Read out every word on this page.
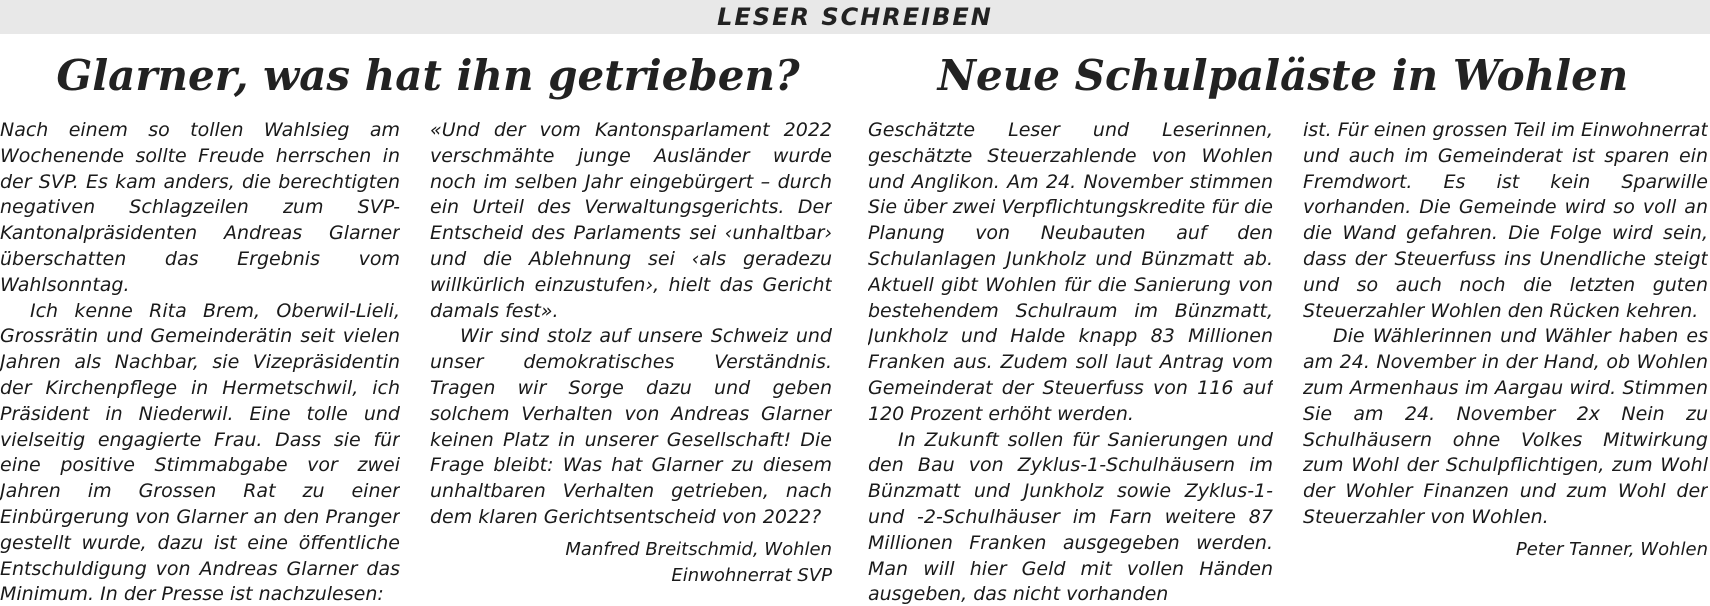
LESER SCHREIBEN
Glarner, was hat ihn getrieben?	Neue Schulpaläste in Wohlen

Nach einem so tollen Wahlsieg am Wochenende sollte Freude herrschen in der SVP. Es kam anders, die berechtigten negativen Schlagzeilen zum SVP-Kantonalpräsidenten Andreas Glarner überschatten das Ergebnis vom Wahlsonntag.

Ich kenne Rita Brem, Oberwil-Lieli, Grossrätin und Gemeinderätin seit vielen Jahren als Nachbar, sie Vizepräsidentin der Kirchenpflege in Hermetschwil, ich Präsident in Niederwil. Eine tolle und vielseitig engagierte Frau. Dass sie für eine positive Stimmabgabe vor zwei Jahren im Grossen Rat zu einer Einbürgerung von Glarner an den Pranger gestellt wurde, dazu ist eine öffentliche Entschuldigung von Andreas Glarner das Minimum. In der Presse ist nachzulesen:

«Und der vom Kantonsparlament 2022 verschmähte junge Ausländer wurde noch im selben Jahr eingebürgert – durch ein Urteil des Verwaltungsgerichts. Der Entscheid des Parlaments sei ‹unhaltbar› und die Ablehnung sei ‹als geradezu willkürlich einzustufen›, hielt das Gericht damals fest».

Wir sind stolz auf unsere Schweiz und unser demokratisches Verständnis. Tragen wir Sorge dazu und geben solchem Verhalten von Andreas Glarner keinen Platz in unserer Gesellschaft! Die Frage bleibt: Was hat Glarner zu diesem unhaltbaren Verhalten getrieben, nach dem klaren Gerichtsentscheid von 2022?

Manfred Breitschmid, Wohlen
Einwohnerrat SVP

Geschätzte Leser und Leserinnen, geschätzte Steuerzahlende von Wohlen und Anglikon. Am 24. November stimmen Sie über zwei Verpflichtungskredite für die Planung von Neubauten auf den Schulanlagen Junkholz und Bünzmatt ab. Aktuell gibt Wohlen für die Sanierung von bestehendem Schulraum im Bünzmatt, Junkholz und Halde knapp 83 Millionen Franken aus. Zudem soll laut Antrag vom Gemeinderat der Steuerfuss von 116 auf 120 Prozent erhöht werden.

In Zukunft sollen für Sanierungen und den Bau von Zyklus-1-Schulhäusern im Bünzmatt und Junkholz sowie Zyklus-1- und -2-Schulhäuser im Farn weitere 87 Millionen Franken ausgegeben werden. Man will hier Geld mit vollen Händen ausgeben, das nicht vorhanden

ist. Für einen grossen Teil im Einwohnerrat und auch im Gemeinderat ist sparen ein Fremdwort. Es ist kein Sparwille vorhanden. Die Gemeinde wird so voll an die Wand gefahren. Die Folge wird sein, dass der Steuerfuss ins Unendliche steigt und so auch noch die letzten guten Steuerzahler Wohlen den Rücken kehren.

Die Wählerinnen und Wähler haben es am 24. November in der Hand, ob Wohlen zum Armenhaus im Aargau wird. Stimmen Sie am 24. November 2x Nein zu Schulhäusern ohne Volkes Mitwirkung zum Wohl der Schulpflichtigen, zum Wohl der Wohler Finanzen und zum Wohl der Steuerzahler von Wohlen.

Peter Tanner, Wohlen
